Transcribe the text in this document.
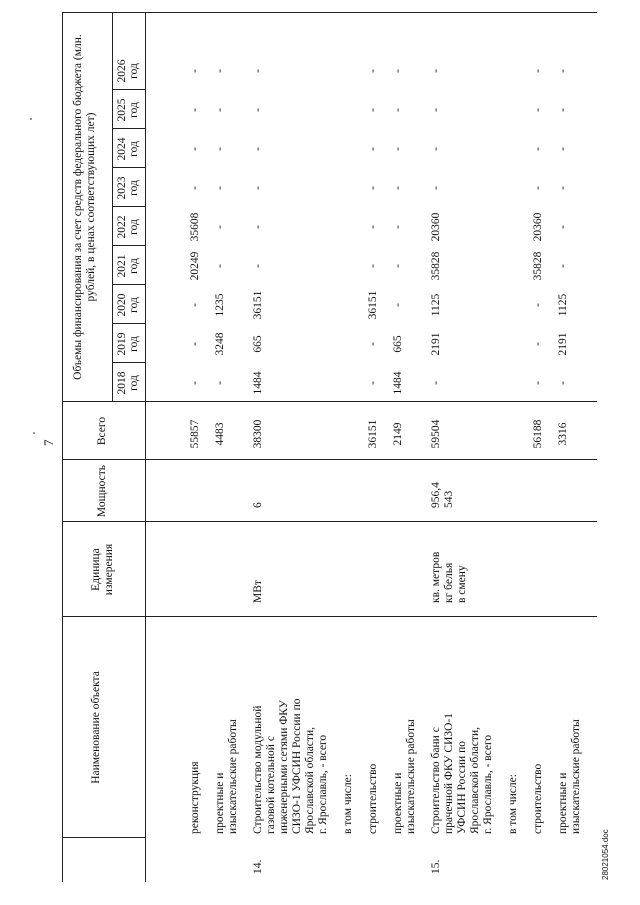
7
Наименование объекта
Единица измерения
Мощность
Всего
Объемы финансирования за счет средств федерального бюджета (млн. рублей, в ценах соответствующих лет)
2018 год
2019 год
2020 год
2021 год
2022 год
2023 год
2024 год
2025 год
2026 год
реконструкция
55857
-
-
-
20249
35608
-
-
-
-
проектные и изыскательские работы
4483
-
3248
1235
-
-
-
-
-
-
14.
Строительство модульной газовой котельной с инженерными сетями ФКУ СИЗО-1 УФСИН России по Ярославской области, г. Ярославль, - всего
МВт
6
38300
1484
665
36151
-
-
-
-
-
-
в том числе: строительство
36151
-
-
36151
-
-
-
-
-
-
проектные и изыскательские работы
2149
1484
665
-
-
-
-
-
-
-
15.
Строительство бани с прачечной ФКУ СИЗО-1 УФСИН России по Ярославской области, г. Ярославль, - всего
кв. метров кг белья в смену
956,4 543
59504
-
2191
1125
35828
20360
-
-
-
-
в том числе: строительство
56188
-
-
-
35828
20360
-
-
-
-
проектные и изыскательские работы
3316
-
2191
1125
-
-
-
-
-
-
28021054.doc
